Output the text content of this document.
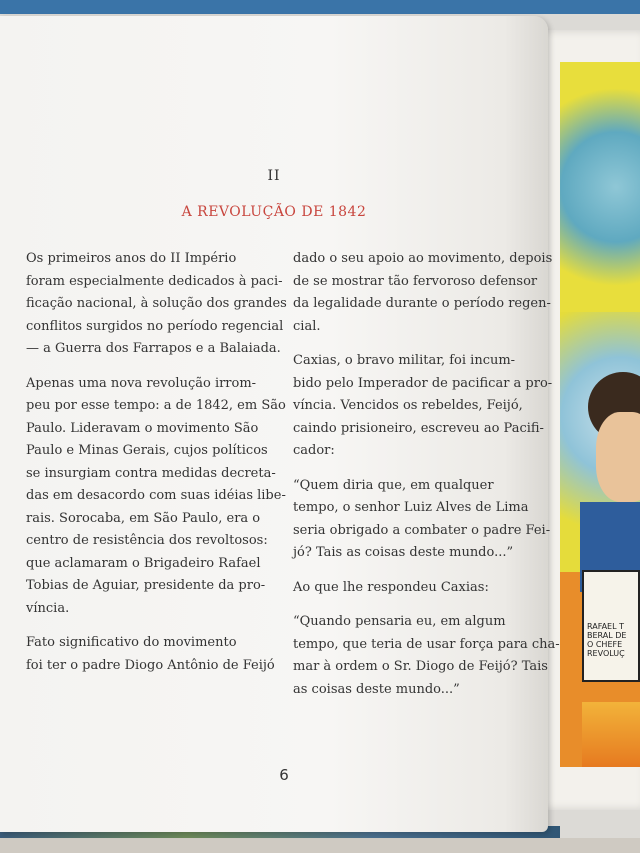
RAFAEL T
BERAL DE
O CHEFE
REVOLUÇ
II
A REVOLUÇÃO DE 1842
Os primeiros anos do II Império
foram especialmente dedicados à paci-
ficação nacional, à solução dos grandes
conflitos surgidos no período regencial
— a Guerra dos Farrapos e a Balaiada.
Apenas uma nova revolução irrom-
peu por esse tempo: a de 1842, em São
Paulo. Lideravam o movimento São
Paulo e Minas Gerais, cujos políticos
se insurgiam contra medidas decreta-
das em desacordo com suas idéias libe-
rais. Sorocaba, em São Paulo, era o
centro de resistência dos revoltosos:
que aclamaram o Brigadeiro Rafael
Tobias de Aguiar, presidente da pro-
víncia.
Fato significativo do movimento
foi ter o padre Diogo Antônio de Feijó
dado o seu apoio ao movimento, depois
de se mostrar tão fervoroso defensor
da legalidade durante o período regen-
cial.
Caxias, o bravo militar, foi incum-
bido pelo Imperador de pacificar a pro-
víncia. Vencidos os rebeldes, Feijó,
caindo prisioneiro, escreveu ao Pacifi-
cador:
“Quem diria que, em qualquer
tempo, o senhor Luiz Alves de Lima
seria obrigado a combater o padre Fei-
jó? Tais as coisas deste mundo...”
Ao que lhe respondeu Caxias:
“Quando pensaria eu, em algum
tempo, que teria de usar força para cha-
mar à ordem o Sr. Diogo de Feijó? Tais
as coisas deste mundo...”
6
